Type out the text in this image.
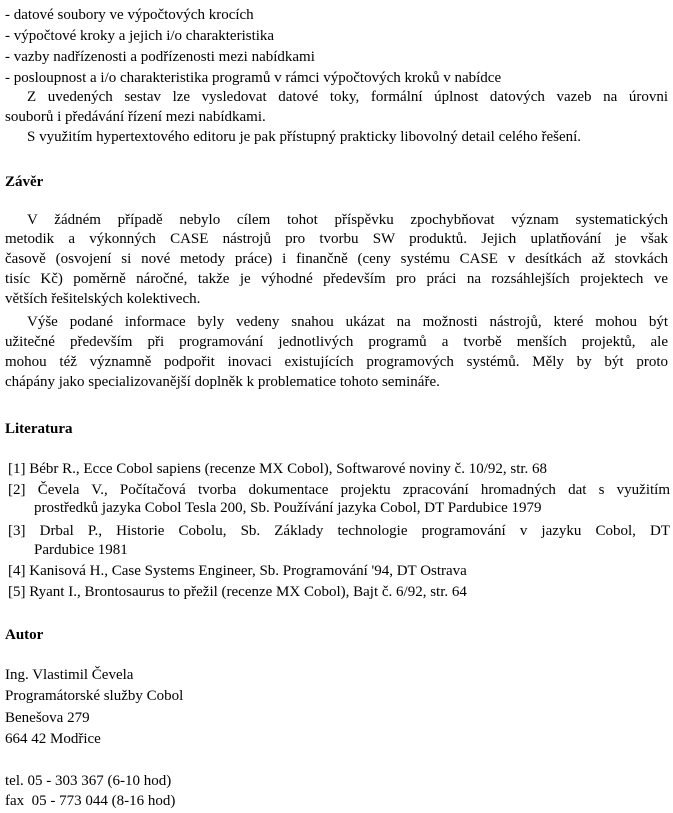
- datové soubory ve výpočtových krocích
- výpočtové kroky a jejich i/o charakteristika
- vazby nadřízenosti a podřízenosti mezi nabídkami
- posloupnost a i/o charakteristika programů v rámci výpočtových kroků v nabídce
Z uvedených sestav lze vysledovat datové toky, formální úplnost datových vazeb na úrovni
souborů i předávání řízení mezi nabídkami.
S využitím hypertextového editoru je pak přístupný prakticky libovolný detail celého řešení.
Závěr
V žádném případě nebylo cílem tohot příspěvku zpochybňovat význam systematických
metodik a výkonných CASE nástrojů pro tvorbu SW produktů. Jejich uplatňování je však
časově (osvojení si nové metody práce) i finančně (ceny systému CASE v desítkách až stovkách
tisíc Kč) poměrně náročné, takže je výhodné především pro práci na rozsáhlejších projektech ve
větších řešitelských kolektivech.
Výše podané informace byly vedeny snahou ukázat na možnosti nástrojů, které mohou být
užitečné především při programování jednotlivých programů a tvorbě menších projektů, ale
mohou též významně podpořit inovaci existujících programových systémů. Měly by být proto
chápány jako specializovanější doplněk k problematice tohoto semináře.
Literatura
[1] Bébr R., Ecce Cobol sapiens (recenze MX Cobol), Softwarové noviny č. 10/92, str. 68
[2] Čevela V., Počítačová tvorba dokumentace projektu zpracování hromadných dat s využitím
prostředků jazyka Cobol Tesla 200, Sb. Používání jazyka Cobol, DT Pardubice 1979
[3] Drbal P., Historie Cobolu, Sb. Základy technologie programování v jazyku Cobol, DT
Pardubice 1981
[4] Kanisová H., Case Systems Engineer, Sb. Programování '94, DT Ostrava
[5] Ryant I., Brontosaurus to přežil (recenze MX Cobol), Bajt č. 6/92, str. 64
Autor
Ing. Vlastimil Čevela
Programátorské služby Cobol
Benešova 279
664 42 Modřice
tel. 05 - 303 367 (6-10 hod)
fax  05 - 773 044 (8-16 hod)
